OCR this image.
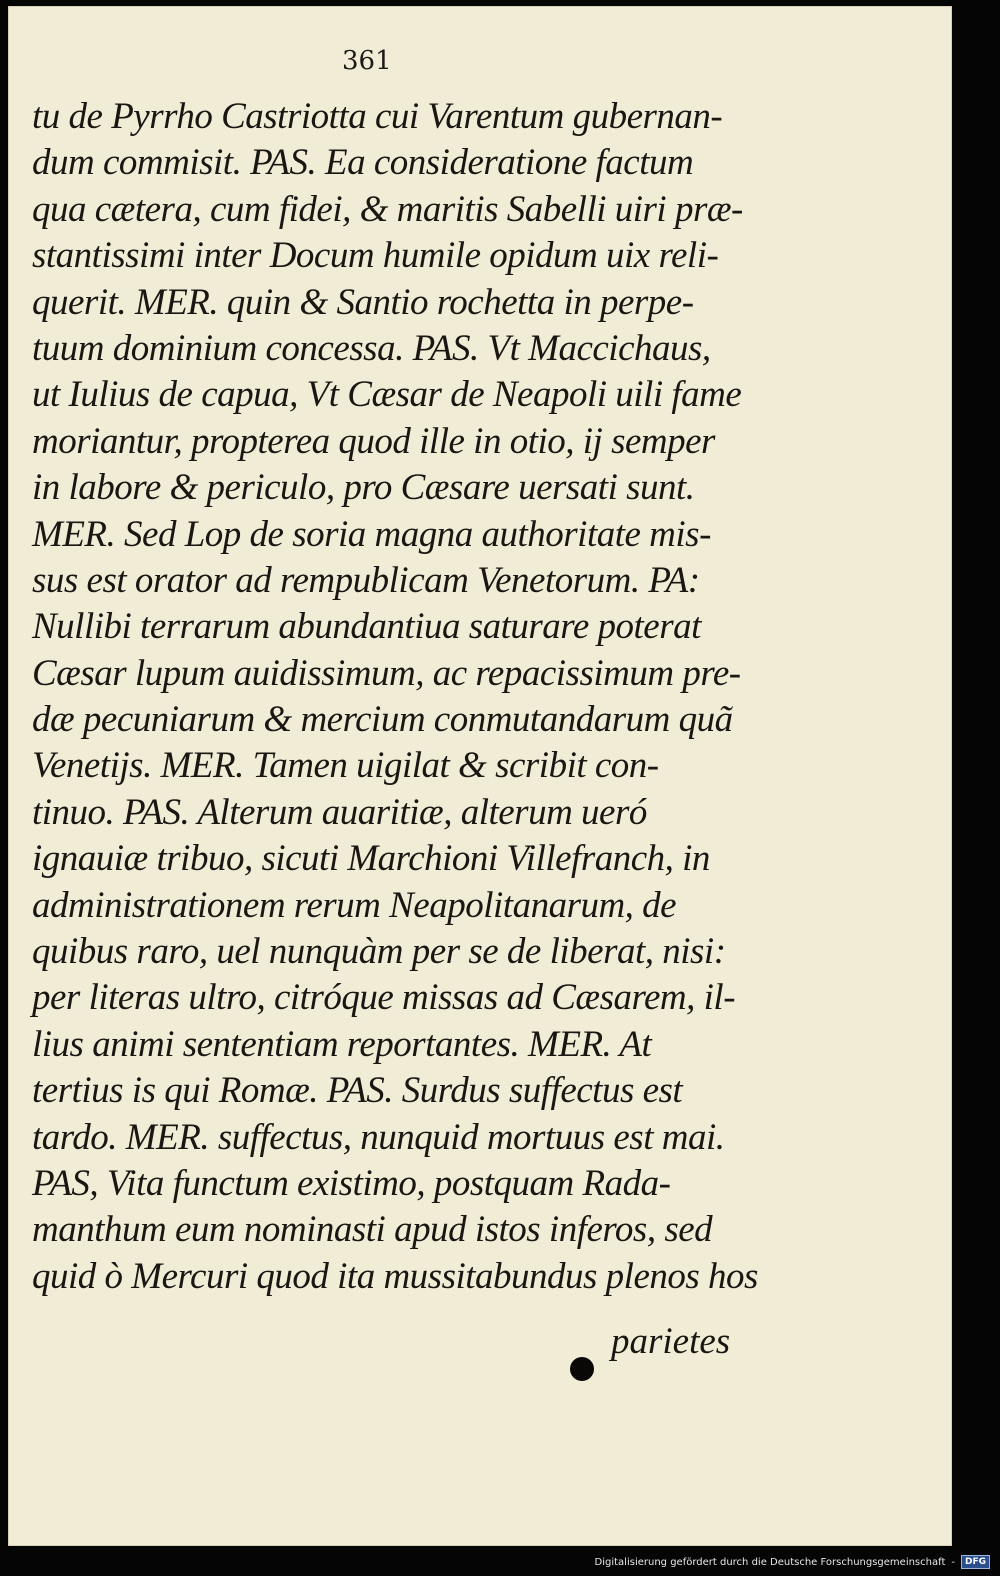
361
tu de Pyrrho Castriotta cui Varentum gubernan-
dum commisit. PAS. Ea consideratione factum
qua cætera, cum fidei, & maritis Sabelli uiri præ-
stantissimi inter Docum humile opidum uix reli-
querit. MER. quin & Santio rochetta in perpe-
tuum dominium concessa. PAS. Vt Maccichaus,
ut Iulius de capua, Vt Cæsar de Neapoli uili fame
moriantur, propterea quod ille in otio, ij semper
in labore & periculo, pro Cæsare uersati sunt.
MER. Sed Lop de soria magna authoritate mis-
sus est orator ad rempublicam Venetorum. PA:
Nullibi terrarum abundantiua saturare poterat
Cæsar lupum auidissimum, ac repacissimum pre-
dæ pecuniarum & mercium conmutandarum quã
Venetijs. MER. Tamen uigilat & scribit con-
tinuo. PAS. Alterum auaritiæ, alterum ueró
ignauiæ tribuo, sicuti Marchioni Villefranch, in
administrationem rerum Neapolitanarum, de
quibus raro, uel nunquàm per se de liberat, nisi:
per literas ultro, citróque missas ad Cæsarem, il-
lius animi sententiam reportantes. MER. At
tertius is qui Romæ. PAS. Surdus suffectus est
tardo. MER. suffectus, nunquid mortuus est mai.
PAS, Vita functum existimo, postquam Rada-
manthum eum nominasti apud istos inferos, sed
quid ò Mercuri quod ita mussitabundus plenos hos
parietes
Digitalisierung gefördert durch die Deutsche Forschungsgemeinschaft -	DFG
